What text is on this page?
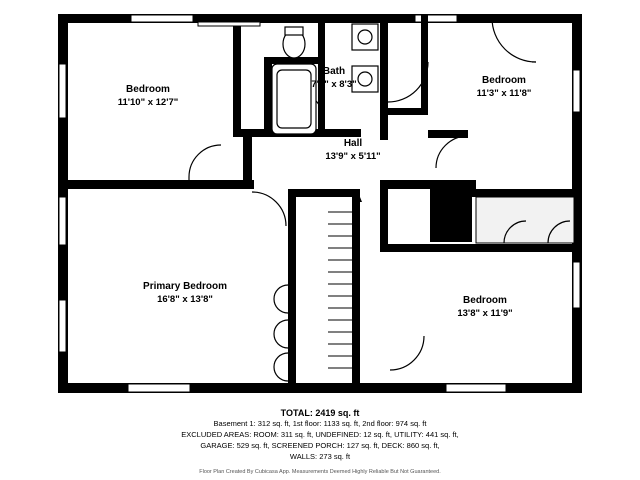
Bedroom
11'10" x 12'7"
Bath
7'9" x 8'3"	Bedroom
11'3" x 11'8"
Hall
13'9" x 5'11"
Primary Bedroom
16'8" x 13'8"	Bedroom
13'8" x 11'9"
TOTAL: 2419 sq. ft
Basement 1: 312 sq. ft, 1st floor: 1133 sq. ft, 2nd floor: 974 sq. ft
EXCLUDED AREAS: ROOM: 311 sq. ft, UNDEFINED: 12 sq. ft, UTILITY: 441 sq. ft,
GARAGE: 529 sq. ft, SCREENED PORCH: 127 sq. ft, DECK: 860 sq. ft,
WALLS: 273 sq. ft
Floor Plan Created By Cubicasa App. Measurements Deemed Highly Reliable But Not Guaranteed.
